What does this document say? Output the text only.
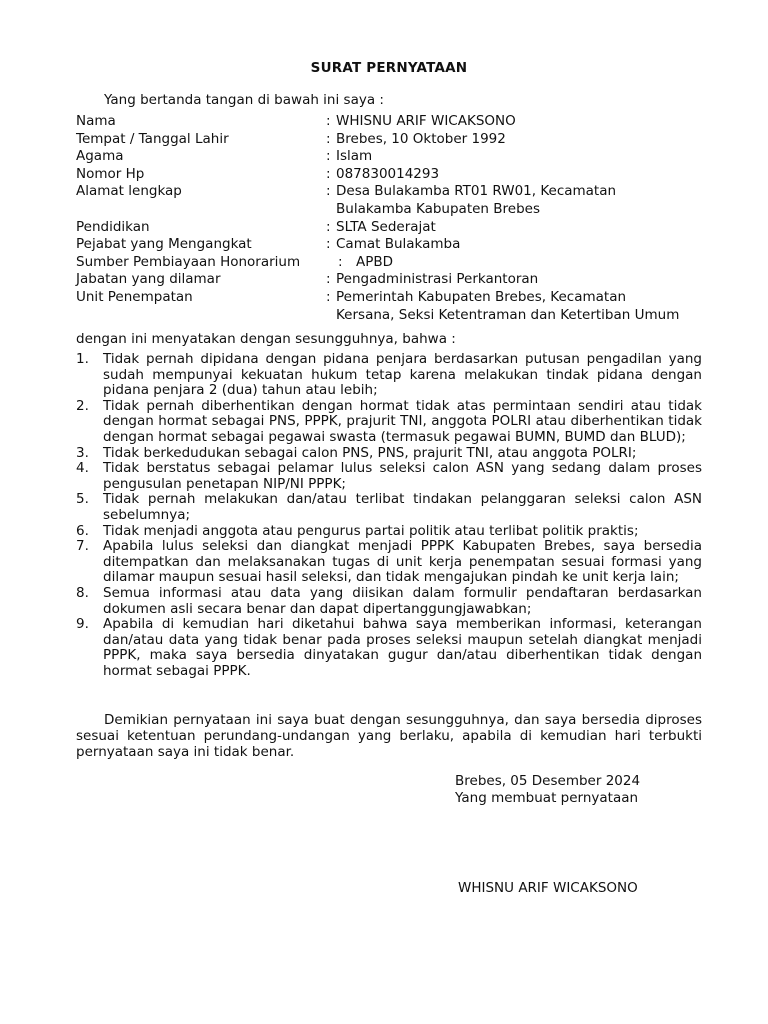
SURAT PERNYATAAN
Yang bertanda tangan di bawah ini saya :
Nama	: WHISNU ARIF WICAKSONO
Tempat / Tanggal Lahir	: Brebes, 10 Oktober 1992
Agama	: Islam
Nomor Hp	: 087830014293
Alamat lengkap	: Desa Bulakamba RT01 RW01, Kecamatan
Bulakamba Kabupaten Brebes
Pendidikan	: SLTA Sederajat
Pejabat yang Mengangkat	: Camat Bulakamba
Sumber Pembiayaan Honorarium	: APBD
Jabatan yang dilamar	: Pengadministrasi Perkantoran
Unit Penempatan	: Pemerintah Kabupaten Brebes, Kecamatan
Kersana, Seksi Ketentraman dan Ketertiban Umum
dengan ini menyatakan dengan sesungguhnya, bahwa :
1.	Tidak pernah dipidana dengan pidana penjara berdasarkan putusan pengadilan yang sudah mempunyai kekuatan hukum tetap karena melakukan tindak pidana dengan pidana penjara 2 (dua) tahun atau lebih;
2.	Tidak pernah diberhentikan dengan hormat tidak atas permintaan sendiri atau tidak dengan hormat sebagai PNS, PPPK, prajurit TNI, anggota POLRI atau diberhentikan tidak dengan hormat sebagai pegawai swasta (termasuk pegawai BUMN, BUMD dan BLUD);
3.	Tidak berkedudukan sebagai calon PNS, PNS, prajurit TNI, atau anggota POLRI;
4.	Tidak berstatus sebagai pelamar lulus seleksi calon ASN yang sedang dalam proses pengusulan penetapan NIP/NI PPPK;
5.	Tidak pernah melakukan dan/atau terlibat tindakan pelanggaran seleksi calon ASN sebelumnya;
6.	Tidak menjadi anggota atau pengurus partai politik atau terlibat politik praktis;
7.	Apabila lulus seleksi dan diangkat menjadi PPPK Kabupaten Brebes, saya bersedia ditempatkan dan melaksanakan tugas di unit kerja penempatan sesuai formasi yang dilamar maupun sesuai hasil seleksi, dan tidak mengajukan pindah ke unit kerja lain;
8.	Semua informasi atau data yang diisikan dalam formulir pendaftaran berdasarkan dokumen asli secara benar dan dapat dipertanggungjawabkan;
9.	Apabila di kemudian hari diketahui bahwa saya memberikan informasi, keterangan dan/atau data yang tidak benar pada proses seleksi maupun setelah diangkat menjadi PPPK, maka saya bersedia dinyatakan gugur dan/atau diberhentikan tidak dengan hormat sebagai PPPK.
Demikian pernyataan ini saya buat dengan sesungguhnya, dan saya bersedia diproses sesuai ketentuan perundang-undangan yang berlaku, apabila di kemudian hari terbukti pernyataan saya ini tidak benar.
Brebes, 05 Desember 2024
Yang membuat pernyataan
WHISNU ARIF WICAKSONO
